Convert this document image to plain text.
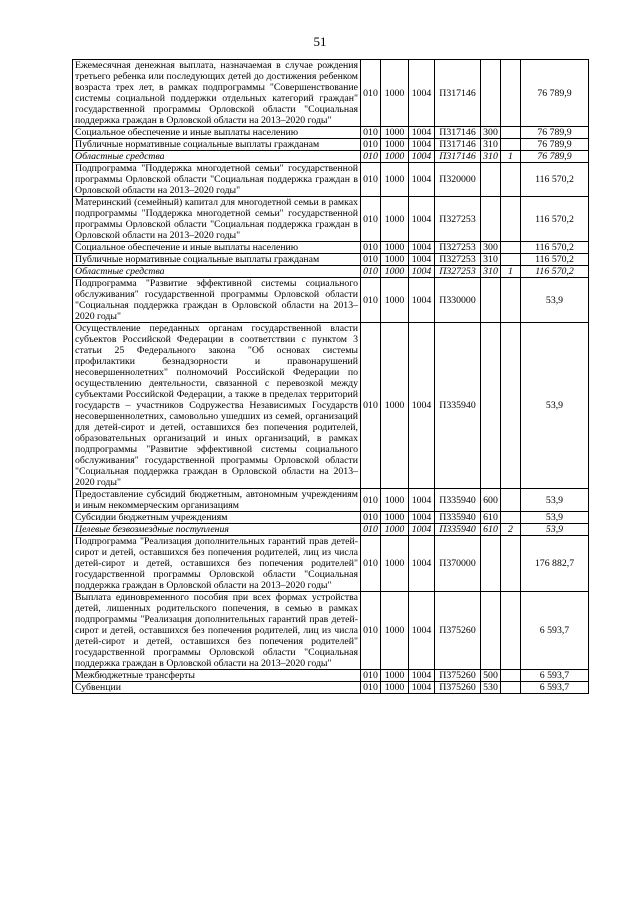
51
Ежемесячная денежная выплата, назначаемая в случае рождения третьего ребенка или последующих детей до достижения ребенком возраста трех лет, в рамках подпрограммы "Совершенствование системы социальной поддержки отдельных категорий граждан" государственной программы Орловской области "Социальная поддержка граждан в Орловской области на 2013–2020 годы"	010	1000	1004	П317146			76 789,9
Социальное обеспечение и иные выплаты населению	010	1000	1004	П317146	300		76 789,9
Публичные нормативные социальные выплаты гражданам	010	1000	1004	П317146	310		76 789,9
Областные средства	010	1000	1004	П317146	310	1	76 789,9
Подпрограмма "Поддержка многодетной семьи" государственной программы Орловской области "Социальная поддержка граждан в Орловской области на 2013–2020 годы"	010	1000	1004	П320000			116 570,2
Материнский (семейный) капитал для многодетной семьи в рамках подпрограммы "Поддержка многодетной семьи" государственной программы Орловской области "Социальная поддержка граждан в Орловской области на 2013–2020 годы"	010	1000	1004	П327253			116 570,2
Социальное обеспечение и иные выплаты населению	010	1000	1004	П327253	300		116 570,2
Публичные нормативные социальные выплаты гражданам	010	1000	1004	П327253	310		116 570,2
Областные средства	010	1000	1004	П327253	310	1	116 570,2
Подпрограмма "Развитие эффективной системы социального обслуживания" государственной программы Орловской области "Социальная поддержка граждан в Орловской области на 2013–2020 годы"	010	1000	1004	П330000			53,9
Осуществление переданных органам государственной власти субъектов Российской Федерации в соответствии с пунктом 3 статьи 25 Федерального закона "Об основах системы профилактики безнадзорности и правонарушений несовершеннолетних" полномочий Российской Федерации по осуществлению деятельности, связанной с перевозкой между субъектами Российской Федерации, а также в пределах территорий государств – участников Содружества Независимых Государств несовершеннолетних, самовольно ушедших из семей, организаций для детей-сирот и детей, оставшихся без попечения родителей, образовательных организаций и иных организаций, в рамках подпрограммы "Развитие эффективной системы социального обслуживания" государственной программы Орловской области "Социальная поддержка граждан в Орловской области на 2013–2020 годы"	010	1000	1004	П335940			53,9
Предоставление субсидий бюджетным, автономным учреждениям и иным некоммерческим организациям	010	1000	1004	П335940	600		53,9
Субсидии бюджетным учреждениям	010	1000	1004	П335940	610		53,9
Целевые безвозмездные поступления	010	1000	1004	П335940	610	2	53,9
Подпрограмма "Реализация дополнительных гарантий прав детей-сирот и детей, оставшихся без попечения родителей, лиц из числа детей-сирот и детей, оставшихся без попечения родителей" государственной программы Орловской области "Социальная поддержка граждан в Орловской области на 2013–2020 годы"	010	1000	1004	П370000			176 882,7
Выплата единовременного пособия при всех формах устройства детей, лишенных родительского попечения, в семью в рамках подпрограммы "Реализация дополнительных гарантий прав детей-сирот и детей, оставшихся без попечения родителей, лиц из числа детей-сирот и детей, оставшихся без попечения родителей" государственной программы Орловской области "Социальная поддержка граждан в Орловской области на 2013–2020 годы"	010	1000	1004	П375260			6 593,7
Межбюджетные трансферты	010	1000	1004	П375260	500		6 593,7
Субвенции	010	1000	1004	П375260	530		6 593,7
